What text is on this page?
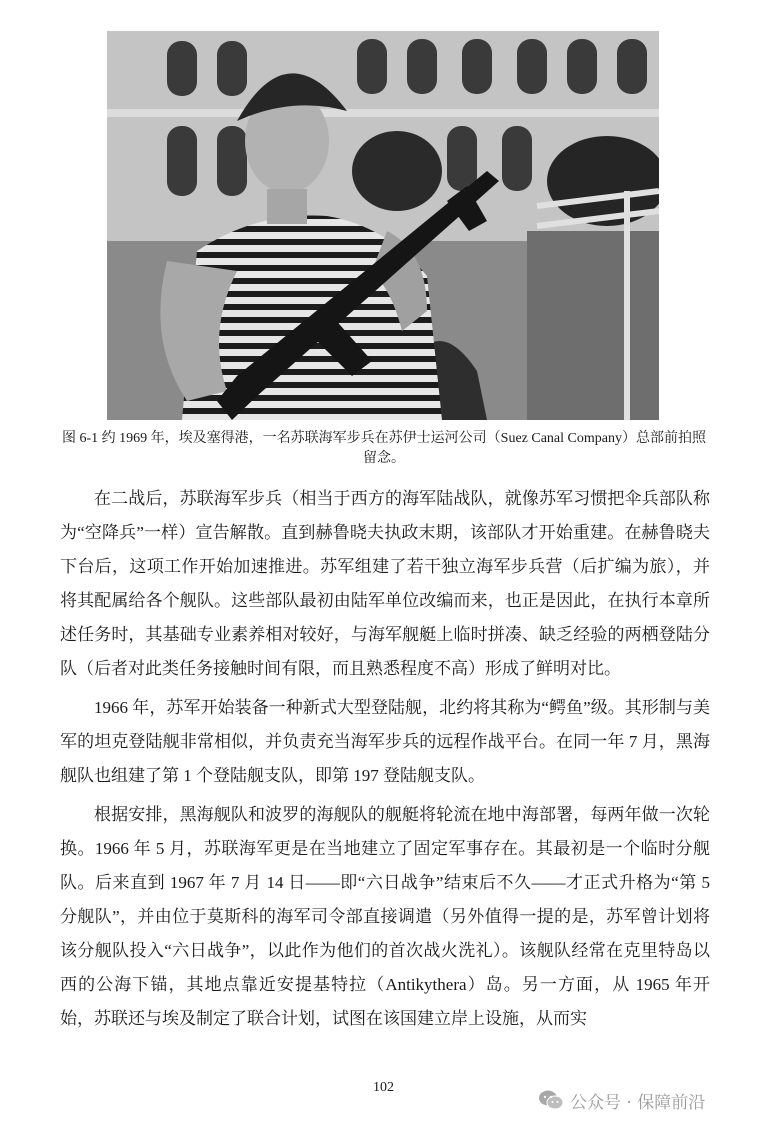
图 6-1 约 1969 年，埃及塞得港，一名苏联海军步兵在苏伊士运河公司（Suez Canal Company）总部前拍照留念。

在二战后，苏联海军步兵（相当于西方的海军陆战队，就像苏军习惯把伞兵部队称为“空降兵”一样）宣告解散。直到赫鲁晓夫执政末期，该部队才开始重建。在赫鲁晓夫下台后，这项工作开始加速推进。苏军组建了若干独立海军步兵营（后扩编为旅），并将其配属给各个舰队。这些部队最初由陆军单位改编而来，也正是因此，在执行本章所述任务时，其基础专业素养相对较好，与海军舰艇上临时拼凑、缺乏经验的两栖登陆分队（后者对此类任务接触时间有限，而且熟悉程度不高）形成了鲜明对比。

1966 年，苏军开始装备一种新式大型登陆舰，北约将其称为“鳄鱼”级。其形制与美军的坦克登陆舰非常相似，并负责充当海军步兵的远程作战平台。在同一年 7 月，黑海舰队也组建了第 1 个登陆舰支队，即第 197 登陆舰支队。

根据安排，黑海舰队和波罗的海舰队的舰艇将轮流在地中海部署，每两年做一次轮换。1966 年 5 月，苏联海军更是在当地建立了固定军事存在。其最初是一个临时分舰队。后来直到 1967 年 7 月 14 日——即“六日战争”结束后不久——才正式升格为“第 5 分舰队”，并由位于莫斯科的海军司令部直接调遣（另外值得一提的是，苏军曾计划将该分舰队投入“六日战争”，以此作为他们的首次战火洗礼）。该舰队经常在克里特岛以西的公海下锚，其地点靠近安提基特拉（Antikythera）岛。另一方面，从 1965 年开始，苏联还与埃及制定了联合计划，试图在该国建立岸上设施，从而实

102
公众号 · 保障前沿
